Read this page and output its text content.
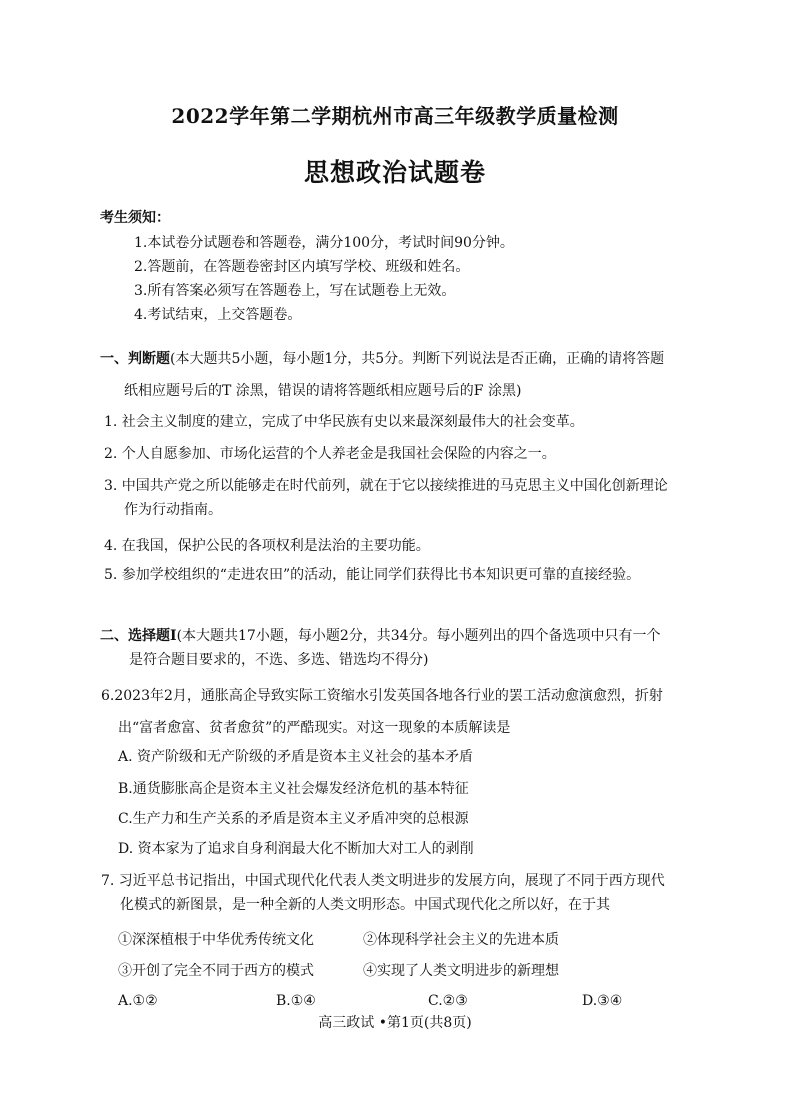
2022学年第二学期杭州市高三年级教学质量检测
思想政治试题卷
考生须知：
1.本试卷分试题卷和答题卷，满分100分，考试时间90分钟。
2.答题前，在答题卷密封区内填写学校、班级和姓名。
3.所有答案必须写在答题卷上，写在试题卷上无效。
4.考试结束，上交答题卷。
一、判断题(本大题共5小题，每小题1分，共5分。判断下列说法是否正确，正确的请将答题
纸相应题号后的T 涂黑，错误的请将答题纸相应题号后的F 涂黑)
1. 社会主义制度的建立，完成了中华民族有史以来最深刻最伟大的社会变革。
2. 个人自愿参加、市场化运营的个人养老金是我国社会保险的内容之一。
3. 中国共产党之所以能够走在时代前列，就在于它以接续推进的马克思主义中国化创新理论
作为行动指南。
4. 在我国，保护公民的各项权利是法治的主要功能。
5. 参加学校组织的“走进农田”的活动，能让同学们获得比书本知识更可靠的直接经验。
二、选择题Ⅰ(本大题共17小题，每小题2分，共34分。每小题列出的四个备选项中只有一个
是符合题目要求的，不选、多选、错选均不得分)
6.2023年2月，通胀高企导致实际工资缩水引发英国各地各行业的罢工活动愈演愈烈，折射
出“富者愈富、贫者愈贫”的严酷现实。对这一现象的本质解读是
A. 资产阶级和无产阶级的矛盾是资本主义社会的基本矛盾
B.通货膨胀高企是资本主义社会爆发经济危机的基本特征
C.生产力和生产关系的矛盾是资本主义矛盾冲突的总根源
D. 资本家为了追求自身利润最大化不断加大对工人的剥削
7. 习近平总书记指出，中国式现代化代表人类文明进步的发展方向，展现了不同于西方现代
化模式的新图景，是一种全新的人类文明形态。中国式现代化之所以好，在于其
①深深植根于中华优秀传统文化	②体现科学社会主义的先进本质
③开创了完全不同于西方的模式	④实现了人类文明进步的新理想
A.①②	B.①④	C.②③	D.③④
高三政试 •第1页(共8页)
